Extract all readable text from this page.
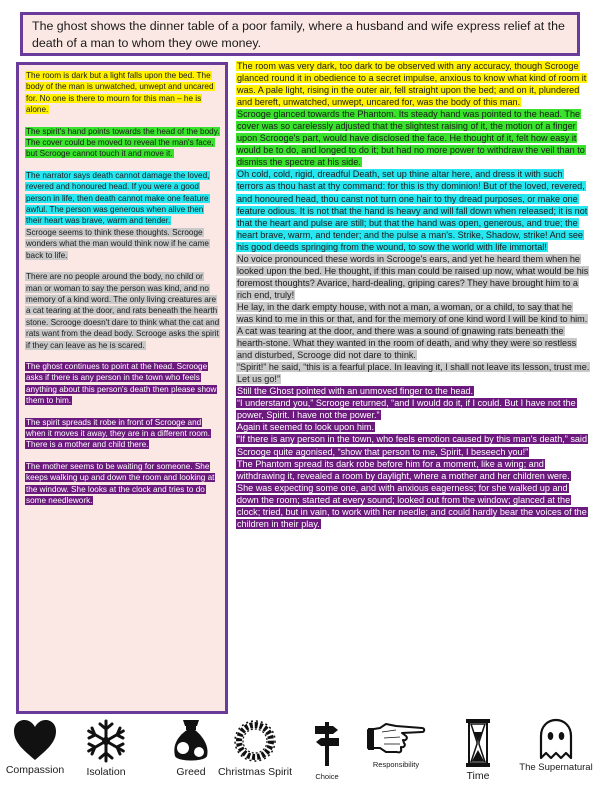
The ghost shows the dinner table of a poor family, where a husband and wife express relief at the death of a man to whom they owe money.

The room is dark but a light falls upon the bed. The body of the man is unwatched, unwept and uncared for. No one is there to mourn for this man – he is alone.

The spirit's hand points towards the head of the body. The cover could be moved to reveal the man's face, but Scrooge cannot touch it and move it.

The narrator says death cannot damage the loved, revered and honoured head. If you were a good person in life, then death cannot make one feature awful. The person was generous when alive then their heart was brave, warm and tender.

Scrooge seems to think these thoughts. Scrooge wonders what the man would think now if he came back to life.

There are no people around the body, no child or man or woman to say the person was kind, and no memory of a kind word. The only living creatures are a cat tearing at the door, and rats beneath the hearth stone. Scrooge doesn't dare to think what the cat and rats want from the dead body. Scrooge asks the spirit if they can leave as he is scared.

The ghost continues to point at the head. Scrooge asks if there is any person in the town who feels anything about this person's death then please show them to him.

The spirit spreads it robe in front of Scrooge and when it moves it away, they are in a different room. There is a mother and child there.

The mother seems to be waiting for someone. She keeps walking up and down the room and looking at the window. She looks at the clock and tries to do some needlework.

The room was very dark, too dark to be observed with any accuracy, though Scrooge glanced round it in obedience to a secret impulse, anxious to know what kind of room it was. A pale light, rising in the outer air, fell straight upon the bed; and on it, plundered and bereft, unwatched, unwept, uncared for, was the body of this man.

Scrooge glanced towards the Phantom. Its steady hand was pointed to the head. The cover was so carelessly adjusted that the slightest raising of it, the motion of a finger upon Scrooge's part, would have disclosed the face. He thought of it, felt how easy it would be to do, and longed to do it; but had no more power to withdraw the veil than to dismiss the spectre at his side.

Oh cold, cold, rigid, dreadful Death, set up thine altar here, and dress it with such terrors as thou hast at thy command: for this is thy dominion! But of the loved, revered, and honoured head, thou canst not turn one hair to thy dread purposes, or make one feature odious. It is not that the hand is heavy and will fall down when released; it is not that the heart and pulse are still; but that the hand was open, generous, and true; the heart brave, warm, and tender; and the pulse a man's. Strike, Shadow, strike! And see his good deeds springing from the wound, to sow the world with life immortal!

No voice pronounced these words in Scrooge's ears, and yet he heard them when he looked upon the bed. He thought, if this man could be raised up now, what would be his foremost thoughts? Avarice, hard-dealing, griping cares? They have brought him to a rich end, truly!

He lay, in the dark empty house, with not a man, a woman, or a child, to say that he was kind to me in this or that, and for the memory of one kind word I will be kind to him. A cat was tearing at the door, and there was a sound of gnawing rats beneath the hearth-stone. What they wanted in the room of death, and why they were so restless and disturbed, Scrooge did not dare to think.

“Spirit!” he said, “this is a fearful place. In leaving it, I shall not leave its lesson, trust me. Let us go!”

Still the Ghost pointed with an unmoved finger to the head.

“I understand you,” Scrooge returned, “and I would do it, if I could. But I have not the power, Spirit. I have not the power.”

Again it seemed to look upon him.

“If there is any person in the town, who feels emotion caused by this man's death,” said Scrooge quite agonised, “show that person to me, Spirit, I beseech you!”

The Phantom spread its dark robe before him for a moment, like a wing; and withdrawing it, revealed a room by daylight, where a mother and her children were.

She was expecting some one, and with anxious eagerness; for she walked up and down the room; started at every sound; looked out from the window; glanced at the clock; tried, but in vain, to work with her needle; and could hardly bear the voices of the children in their play.

Compassion	Isolation	Greed	Christmas Spirit	Choice
Responsibility
Time
The Supernatural
